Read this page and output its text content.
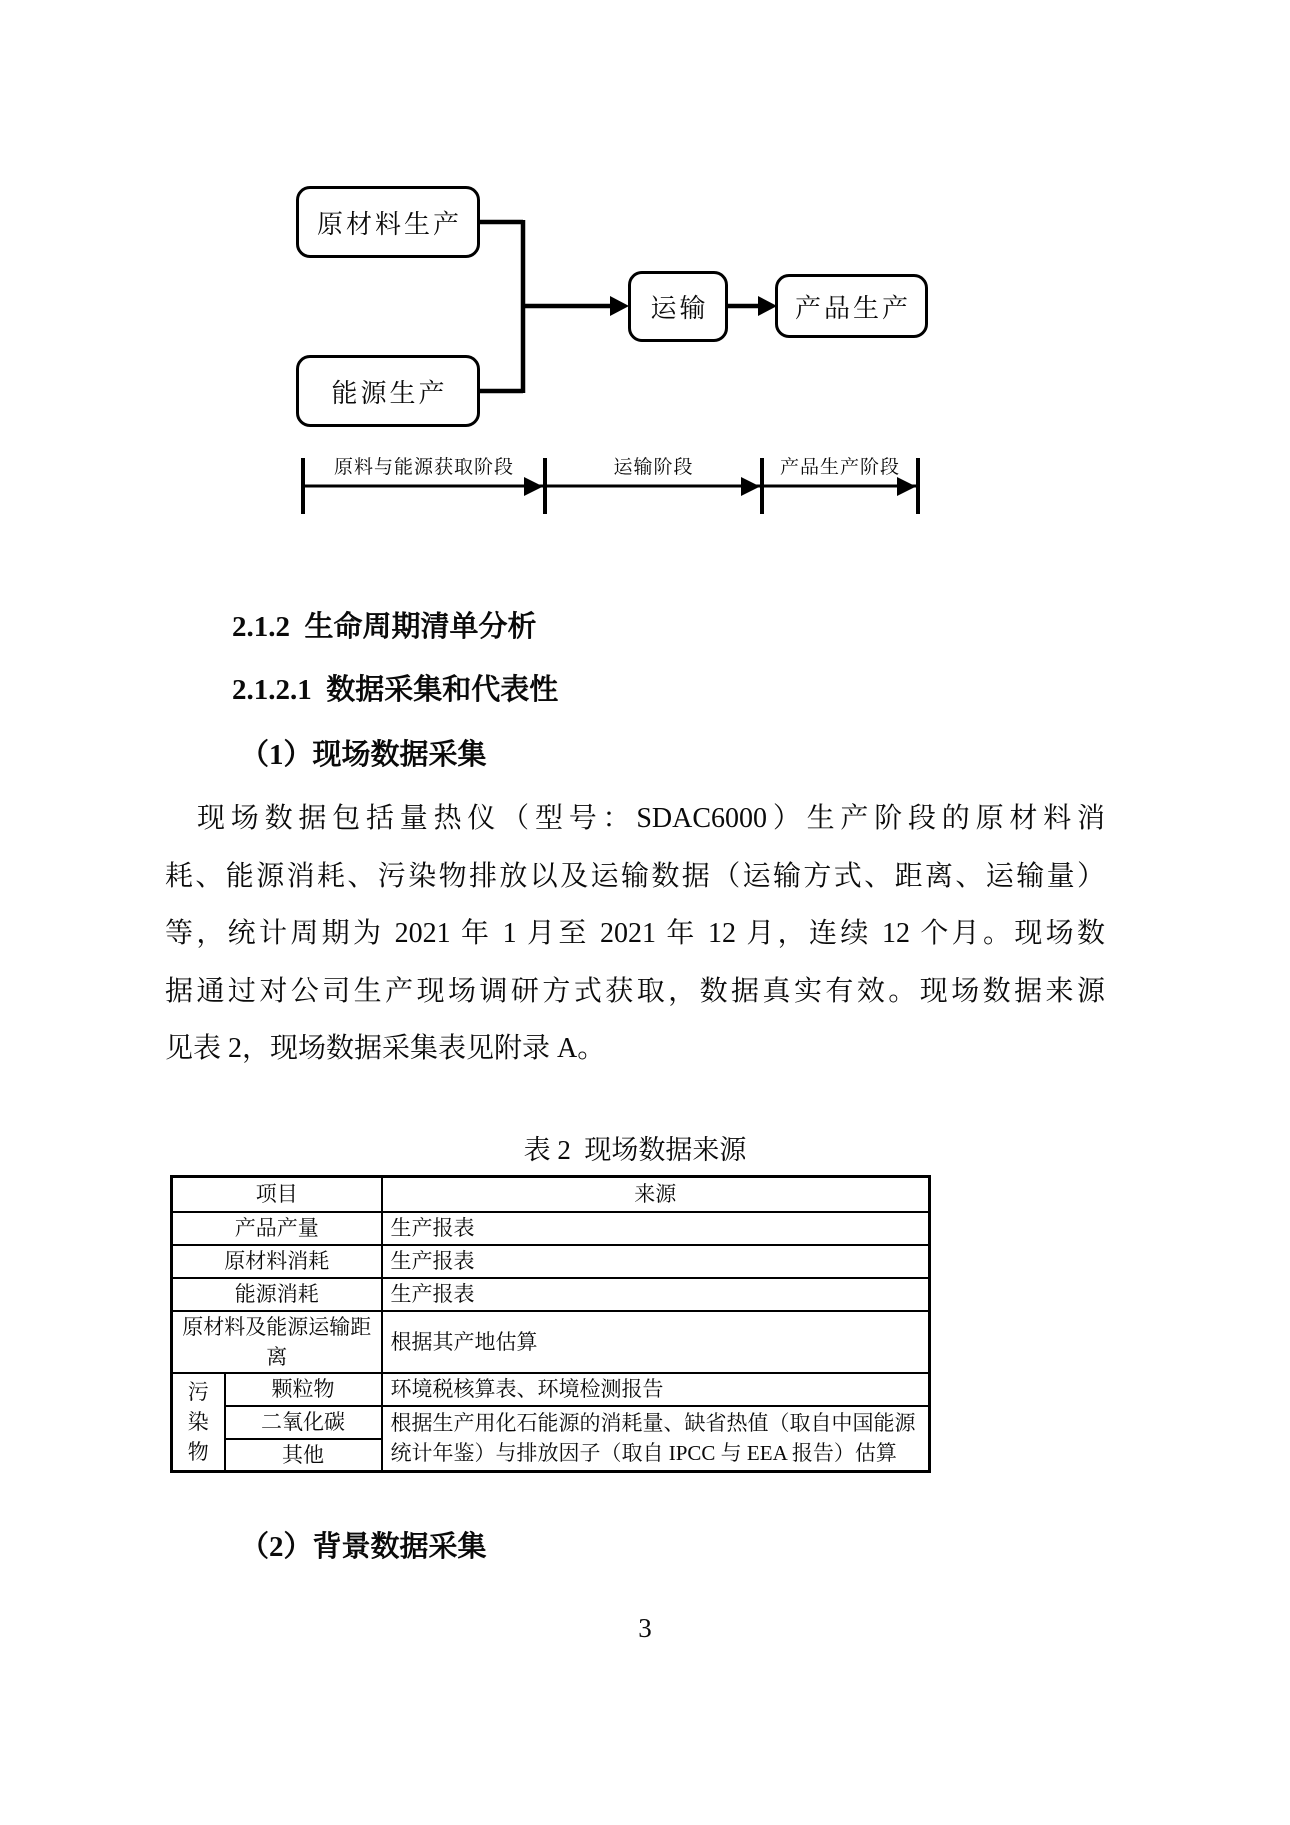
原材料生产
能源生产
运输	产品生产
原料与能源获取阶段	运输阶段	产品生产阶段
2.1.2  生命周期清单分析
2.1.2.1  数据采集和代表性
（1）现场数据采集
现场数据包括量热仪（型号：SDAC6000）生产阶段的原材料消
耗、能源消耗、污染物排放以及运输数据（运输方式、距离、运输量）
等，统计周期为 2021 年 1 月至 2021 年 12 月，连续 12 个月。现场数
据通过对公司生产现场调研方式获取，数据真实有效。现场数据来源
见表 2，现场数据采集表见附录 A。
表 2  现场数据来源
项目		来源
产品产量		生产报表
原材料消耗		生产报表
能源消耗		生产报表
原材料及能源运输距离		根据其产地估算
污染物	颗粒物	环境税核算表、环境检测报告
	二氧化碳	根据生产用化石能源的消耗量、缺省热值（取自中国能源统计年鉴）与排放因子（取自 IPCC 与 EEA 报告）估算
	其他	
（2）背景数据采集
3
